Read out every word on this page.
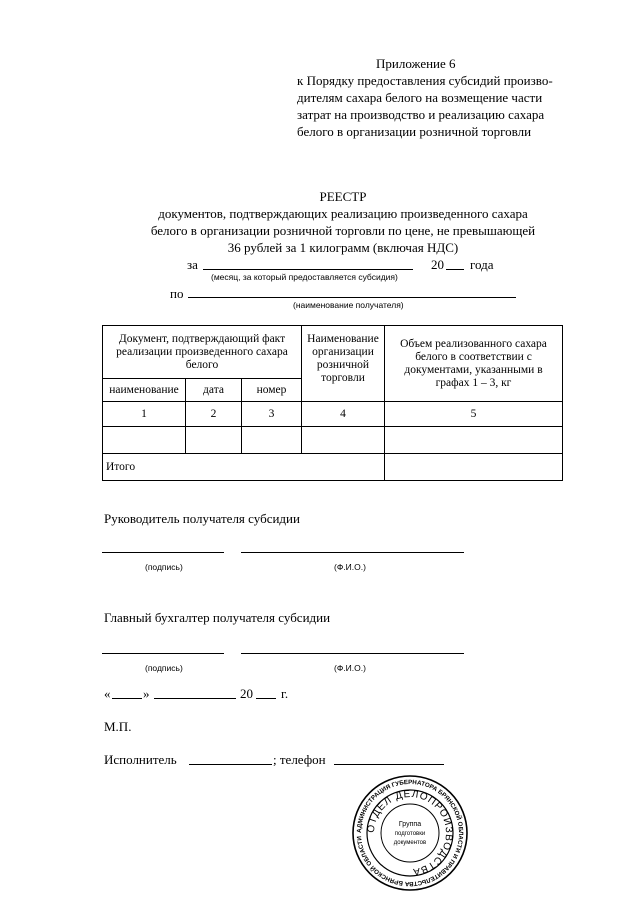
Приложение 6
к Порядку предоставления субсидий произво-
дителям сахара белого на возмещение части
затрат на производство и реализацию сахара
белого в организации розничной торговли
РЕЕСТР
документов, подтверждающих реализацию произведенного сахара
белого в организации розничной торговли по цене, не превышающей
36 рублей за 1 килограмм (включая НДС)
за	20 года
(месяц, за который предоставляется субсидия)
по
(наименование получателя)
Документ, подтверждающий факт реализации произведенного сахара белого			Наименование организации розничной торговли	Объем реализованного сахара белого в соответствии с документами, указанными в графах 1 – 3, кг
наименование	дата	номер		
1	2	3	4	5

Итого				
Руководитель получателя субсидии
(подпись)	(Ф.И.О.)
Главный бухгалтер получателя субсидии
(подпись)	(Ф.И.О.)
«	»	20 г.
М.П.
Исполнитель	; телефон
АДМИНИСТРАЦИЯ ГУБЕРНАТОРА БРЯНСКОЙ ОБЛАСТИ И ПРАВИТЕЛЬСТВА БРЯНСКОЙ ОБЛАСТИ
ОТДЕЛ ДЕЛОПРОИЗВОДСТВА
Группа
подготовки
документов
